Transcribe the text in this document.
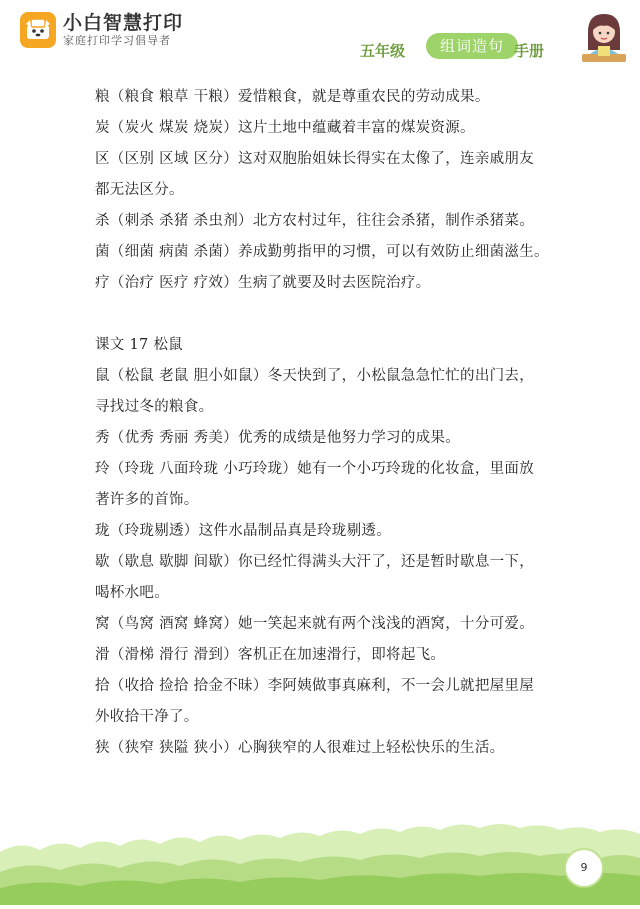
小白智慧打印
家庭打印学习倡导者
五年级	组词造句 手册
粮（粮食 粮草 干粮）爱惜粮食，就是尊重农民的劳动成果。
炭（炭火 煤炭 烧炭）这片土地中蕴藏着丰富的煤炭资源。
区（区别 区域 区分）这对双胞胎姐妹长得实在太像了，连亲戚朋友
都无法区分。
杀（刺杀 杀猪 杀虫剂）北方农村过年，往往会杀猪，制作杀猪菜。
菌（细菌 病菌 杀菌）养成勤剪指甲的习惯，可以有效防止细菌滋生。
疗（治疗 医疗 疗效）生病了就要及时去医院治疗。
课文 17 松鼠
鼠（松鼠 老鼠 胆小如鼠）冬天快到了，小松鼠急急忙忙的出门去，
寻找过冬的粮食。
秀（优秀 秀丽 秀美）优秀的成绩是他努力学习的成果。
玲（玲珑 八面玲珑 小巧玲珑）她有一个小巧玲珑的化妆盒，里面放
著许多的首饰。
珑（玲珑剔透）这件水晶制品真是玲珑剔透。
歇（歇息 歇脚 间歇）你已经忙得满头大汗了，还是暂时歇息一下，
喝杯水吧。
窝（鸟窝 酒窝 蜂窝）她一笑起来就有两个浅浅的酒窝，十分可爱。
滑（滑梯 滑行 滑到）客机正在加速滑行，即将起飞。
拾（收拾 捡拾 拾金不昧）李阿姨做事真麻利，不一会儿就把屋里屋
外收拾干净了。
狭（狭窄 狭隘 狭小）心胸狭窄的人很难过上轻松快乐的生活。
9
